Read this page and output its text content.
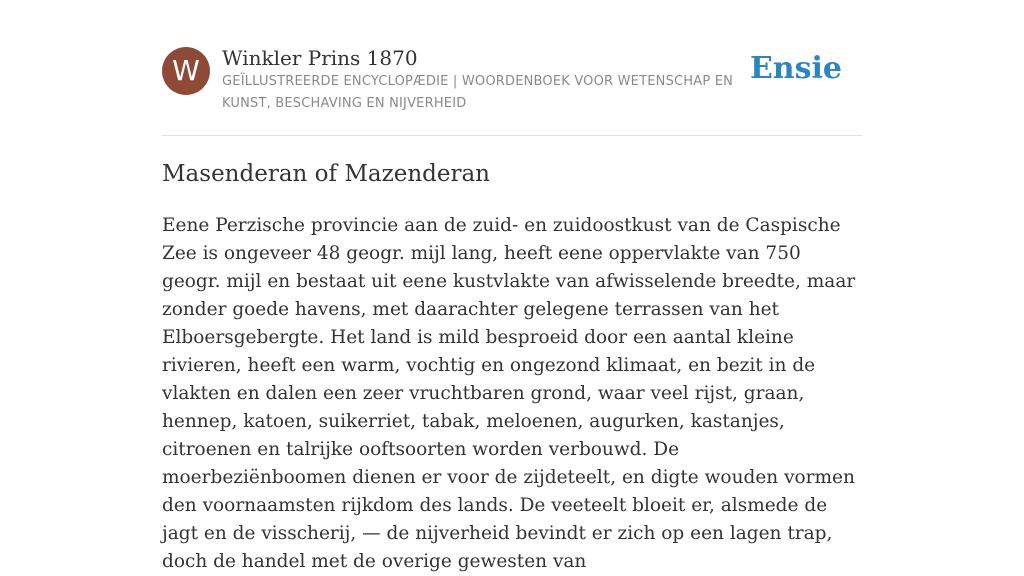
W	Winkler Prins 1870
GEÏLLUSTREERDE ENCYCLOPÆDIE | WOORDENBOEK VOOR WETENSCHAP EN KUNST, BESCHAVING EN NIJVERHEID
Ensie
Masenderan of Mazenderan

Eene Perzische provincie aan de zuid- en zuidoostkust van de Caspische Zee is ongeveer 48 geogr. mijl lang, heeft eene oppervlakte van 750 geogr. mijl en bestaat uit eene kustvlakte van afwisselende breedte, maar zonder goede havens, met daarachter gelegene terrassen van het Elboersgebergte. Het land is mild besproeid door een aantal kleine rivieren, heeft een warm, vochtig en ongezond klimaat, en bezit in de vlakten en dalen een zeer vruchtbaren grond, waar veel rijst, graan, hennep, katoen, suikerriet, tabak, meloenen, augurken, kastanjes, citroenen en talrijke ooftsoorten worden verbouwd. De moerbeziënboomen dienen er voor de zijdeteelt, en digte wouden vormen den voornaamsten rijkdom des lands. De veeteelt bloeit er, alsmede de jagt en de visscherij, — de nijverheid bevindt er zich op een lagen trap, doch de handel met de overige gewesten van
